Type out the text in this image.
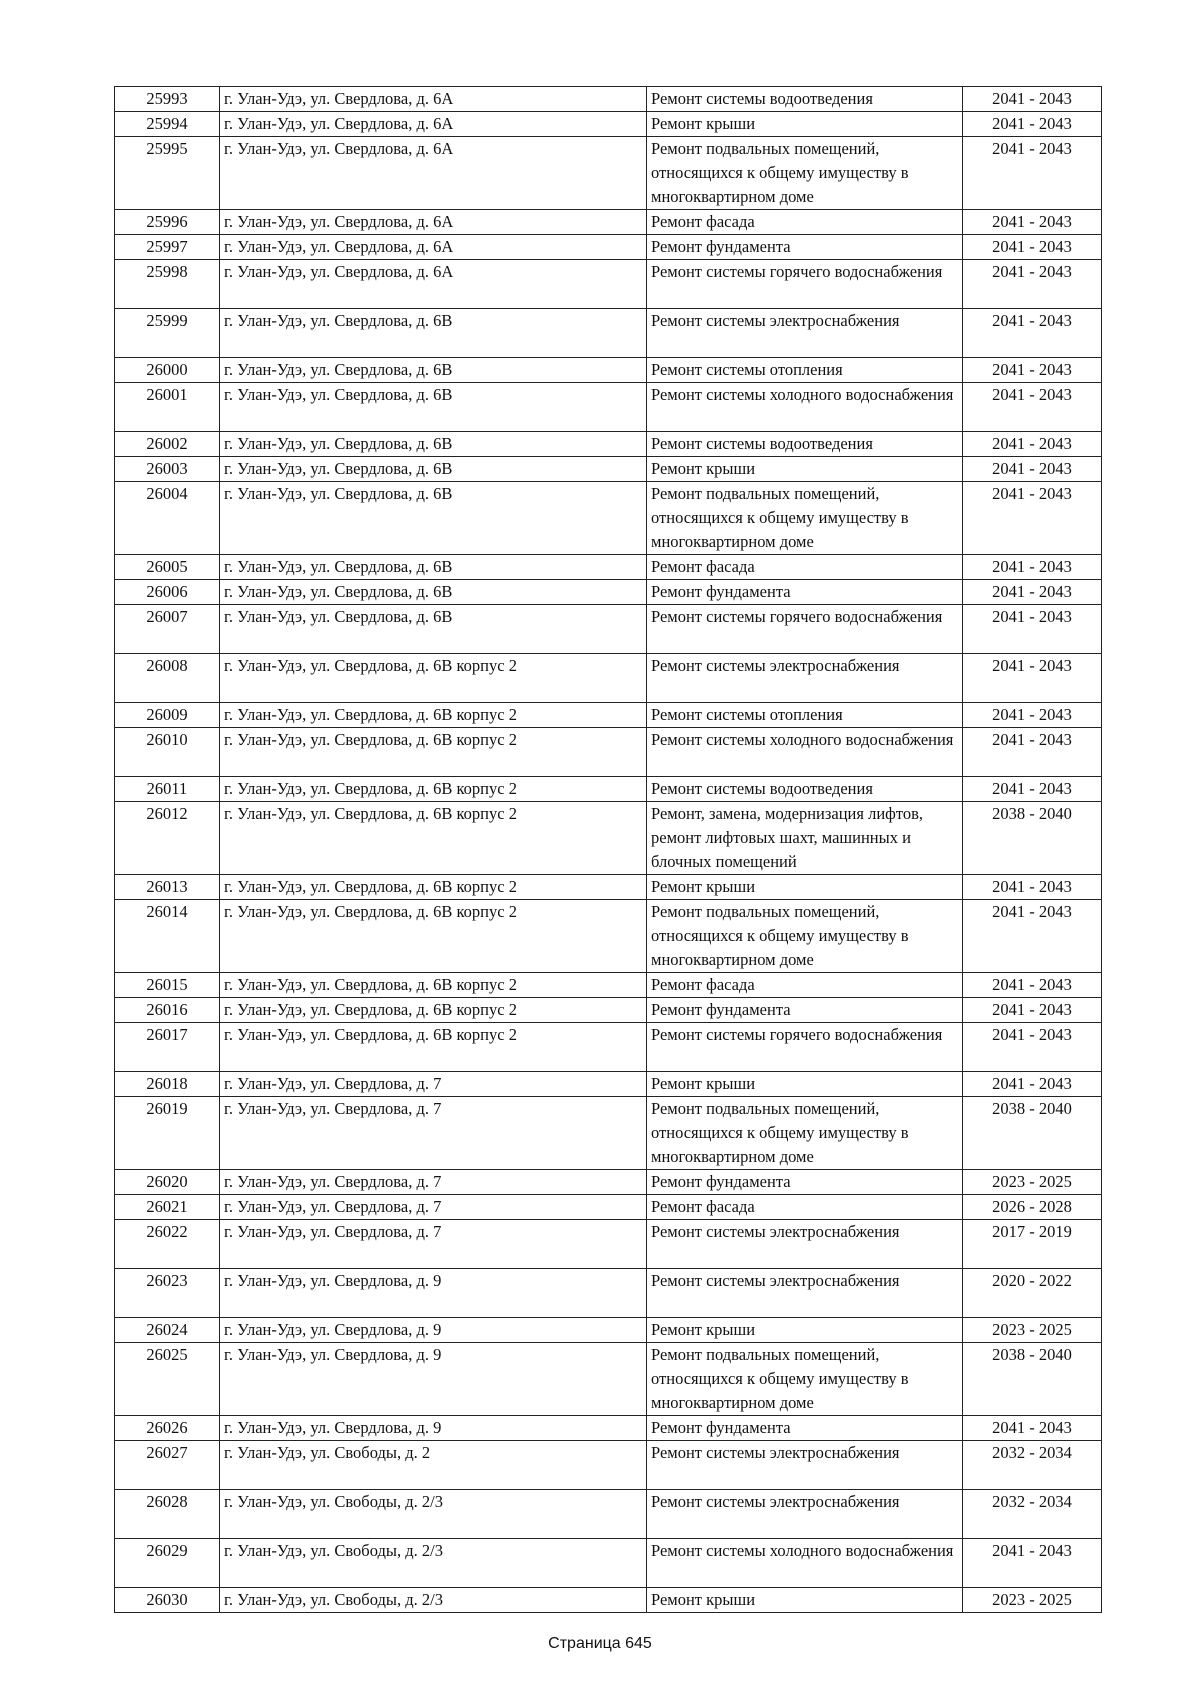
25993	г. Улан-Удэ, ул. Свердлова, д. 6А	Ремонт системы водоотведения	2041 - 2043
25994	г. Улан-Удэ, ул. Свердлова, д. 6А	Ремонт крыши	2041 - 2043
25995	г. Улан-Удэ, ул. Свердлова, д. 6А	Ремонт подвальных помещений, относящихся к общему имуществу в многоквартирном доме	2041 - 2043
25996	г. Улан-Удэ, ул. Свердлова, д. 6А	Ремонт фасада	2041 - 2043
25997	г. Улан-Удэ, ул. Свердлова, д. 6А	Ремонт фундамента	2041 - 2043
25998	г. Улан-Удэ, ул. Свердлова, д. 6А	Ремонт системы горячего водоснабжения	2041 - 2043
25999	г. Улан-Удэ, ул. Свердлова, д. 6В	Ремонт системы электроснабжения	2041 - 2043
26000	г. Улан-Удэ, ул. Свердлова, д. 6В	Ремонт системы отопления	2041 - 2043
26001	г. Улан-Удэ, ул. Свердлова, д. 6В	Ремонт системы холодного водоснабжения	2041 - 2043
26002	г. Улан-Удэ, ул. Свердлова, д. 6В	Ремонт системы водоотведения	2041 - 2043
26003	г. Улан-Удэ, ул. Свердлова, д. 6В	Ремонт крыши	2041 - 2043
26004	г. Улан-Удэ, ул. Свердлова, д. 6В	Ремонт подвальных помещений, относящихся к общему имуществу в многоквартирном доме	2041 - 2043
26005	г. Улан-Удэ, ул. Свердлова, д. 6В	Ремонт фасада	2041 - 2043
26006	г. Улан-Удэ, ул. Свердлова, д. 6В	Ремонт фундамента	2041 - 2043
26007	г. Улан-Удэ, ул. Свердлова, д. 6В	Ремонт системы горячего водоснабжения	2041 - 2043
26008	г. Улан-Удэ, ул. Свердлова, д. 6В корпус 2	Ремонт системы электроснабжения	2041 - 2043
26009	г. Улан-Удэ, ул. Свердлова, д. 6В корпус 2	Ремонт системы отопления	2041 - 2043
26010	г. Улан-Удэ, ул. Свердлова, д. 6В корпус 2	Ремонт системы холодного водоснабжения	2041 - 2043
26011	г. Улан-Удэ, ул. Свердлова, д. 6В корпус 2	Ремонт системы водоотведения	2041 - 2043
26012	г. Улан-Удэ, ул. Свердлова, д. 6В корпус 2	Ремонт, замена, модернизация лифтов, ремонт лифтовых шахт, машинных и блочных помещений	2038 - 2040
26013	г. Улан-Удэ, ул. Свердлова, д. 6В корпус 2	Ремонт крыши	2041 - 2043
26014	г. Улан-Удэ, ул. Свердлова, д. 6В корпус 2	Ремонт подвальных помещений, относящихся к общему имуществу в многоквартирном доме	2041 - 2043
26015	г. Улан-Удэ, ул. Свердлова, д. 6В корпус 2	Ремонт фасада	2041 - 2043
26016	г. Улан-Удэ, ул. Свердлова, д. 6В корпус 2	Ремонт фундамента	2041 - 2043
26017	г. Улан-Удэ, ул. Свердлова, д. 6В корпус 2	Ремонт системы горячего водоснабжения	2041 - 2043
26018	г. Улан-Удэ, ул. Свердлова, д. 7	Ремонт крыши	2041 - 2043
26019	г. Улан-Удэ, ул. Свердлова, д. 7	Ремонт подвальных помещений, относящихся к общему имуществу в многоквартирном доме	2038 - 2040
26020	г. Улан-Удэ, ул. Свердлова, д. 7	Ремонт фундамента	2023 - 2025
26021	г. Улан-Удэ, ул. Свердлова, д. 7	Ремонт фасада	2026 - 2028
26022	г. Улан-Удэ, ул. Свердлова, д. 7	Ремонт системы электроснабжения	2017 - 2019
26023	г. Улан-Удэ, ул. Свердлова, д. 9	Ремонт системы электроснабжения	2020 - 2022
26024	г. Улан-Удэ, ул. Свердлова, д. 9	Ремонт крыши	2023 - 2025
26025	г. Улан-Удэ, ул. Свердлова, д. 9	Ремонт подвальных помещений, относящихся к общему имуществу в многоквартирном доме	2038 - 2040
26026	г. Улан-Удэ, ул. Свердлова, д. 9	Ремонт фундамента	2041 - 2043
26027	г. Улан-Удэ, ул. Свободы, д. 2	Ремонт системы электроснабжения	2032 - 2034
26028	г. Улан-Удэ, ул. Свободы, д. 2/3	Ремонт системы электроснабжения	2032 - 2034
26029	г. Улан-Удэ, ул. Свободы, д. 2/3	Ремонт системы холодного водоснабжения	2041 - 2043
26030	г. Улан-Удэ, ул. Свободы, д. 2/3	Ремонт крыши	2023 - 2025
Страница 645
